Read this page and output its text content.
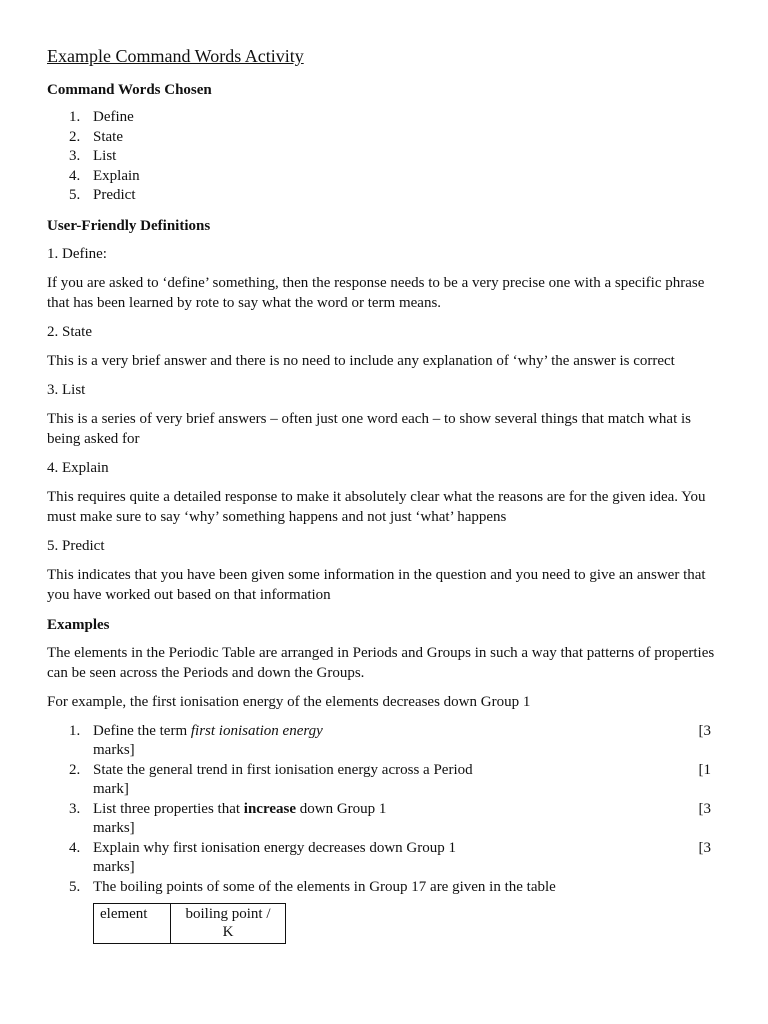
Example Command Words Activity
Command Words Chosen
1. Define
2. State
3. List
4. Explain
5. Predict
User-Friendly Definitions

1. Define:

If you are asked to ‘define’ something, then the response needs to be a very precise one with a specific phrase that has been learned by rote to say what the word or term means.

2. State

This is a very brief answer and there is no need to include any explanation of ‘why’ the answer is correct

3. List

This is a series of very brief answers – often just one word each – to show several things that match what is being asked for

4. Explain

This requires quite a detailed response to make it absolutely clear what the reasons are for the given idea. You must make sure to say ‘why’ something happens and not just ‘what’ happens

5. Predict

This indicates that you have been given some information in the question and you need to give an answer that you have worked out based on that information

Examples

The elements in the Periodic Table are arranged in Periods and Groups in such a way that patterns of properties can be seen across the Periods and down the Groups.

For example, the first ionisation energy of the elements decreases down Group 1

1. Define the term first ionisation energy	[3
marks]
2. State the general trend in first ionisation energy across a Period	[1
mark]
3. List three properties that increase down Group 1	[3
marks]
4. Explain why first ionisation energy decreases down Group 1	[3
marks]
5. The boiling points of some of the elements in Group 17 are given in the table
element	boiling point /
K
